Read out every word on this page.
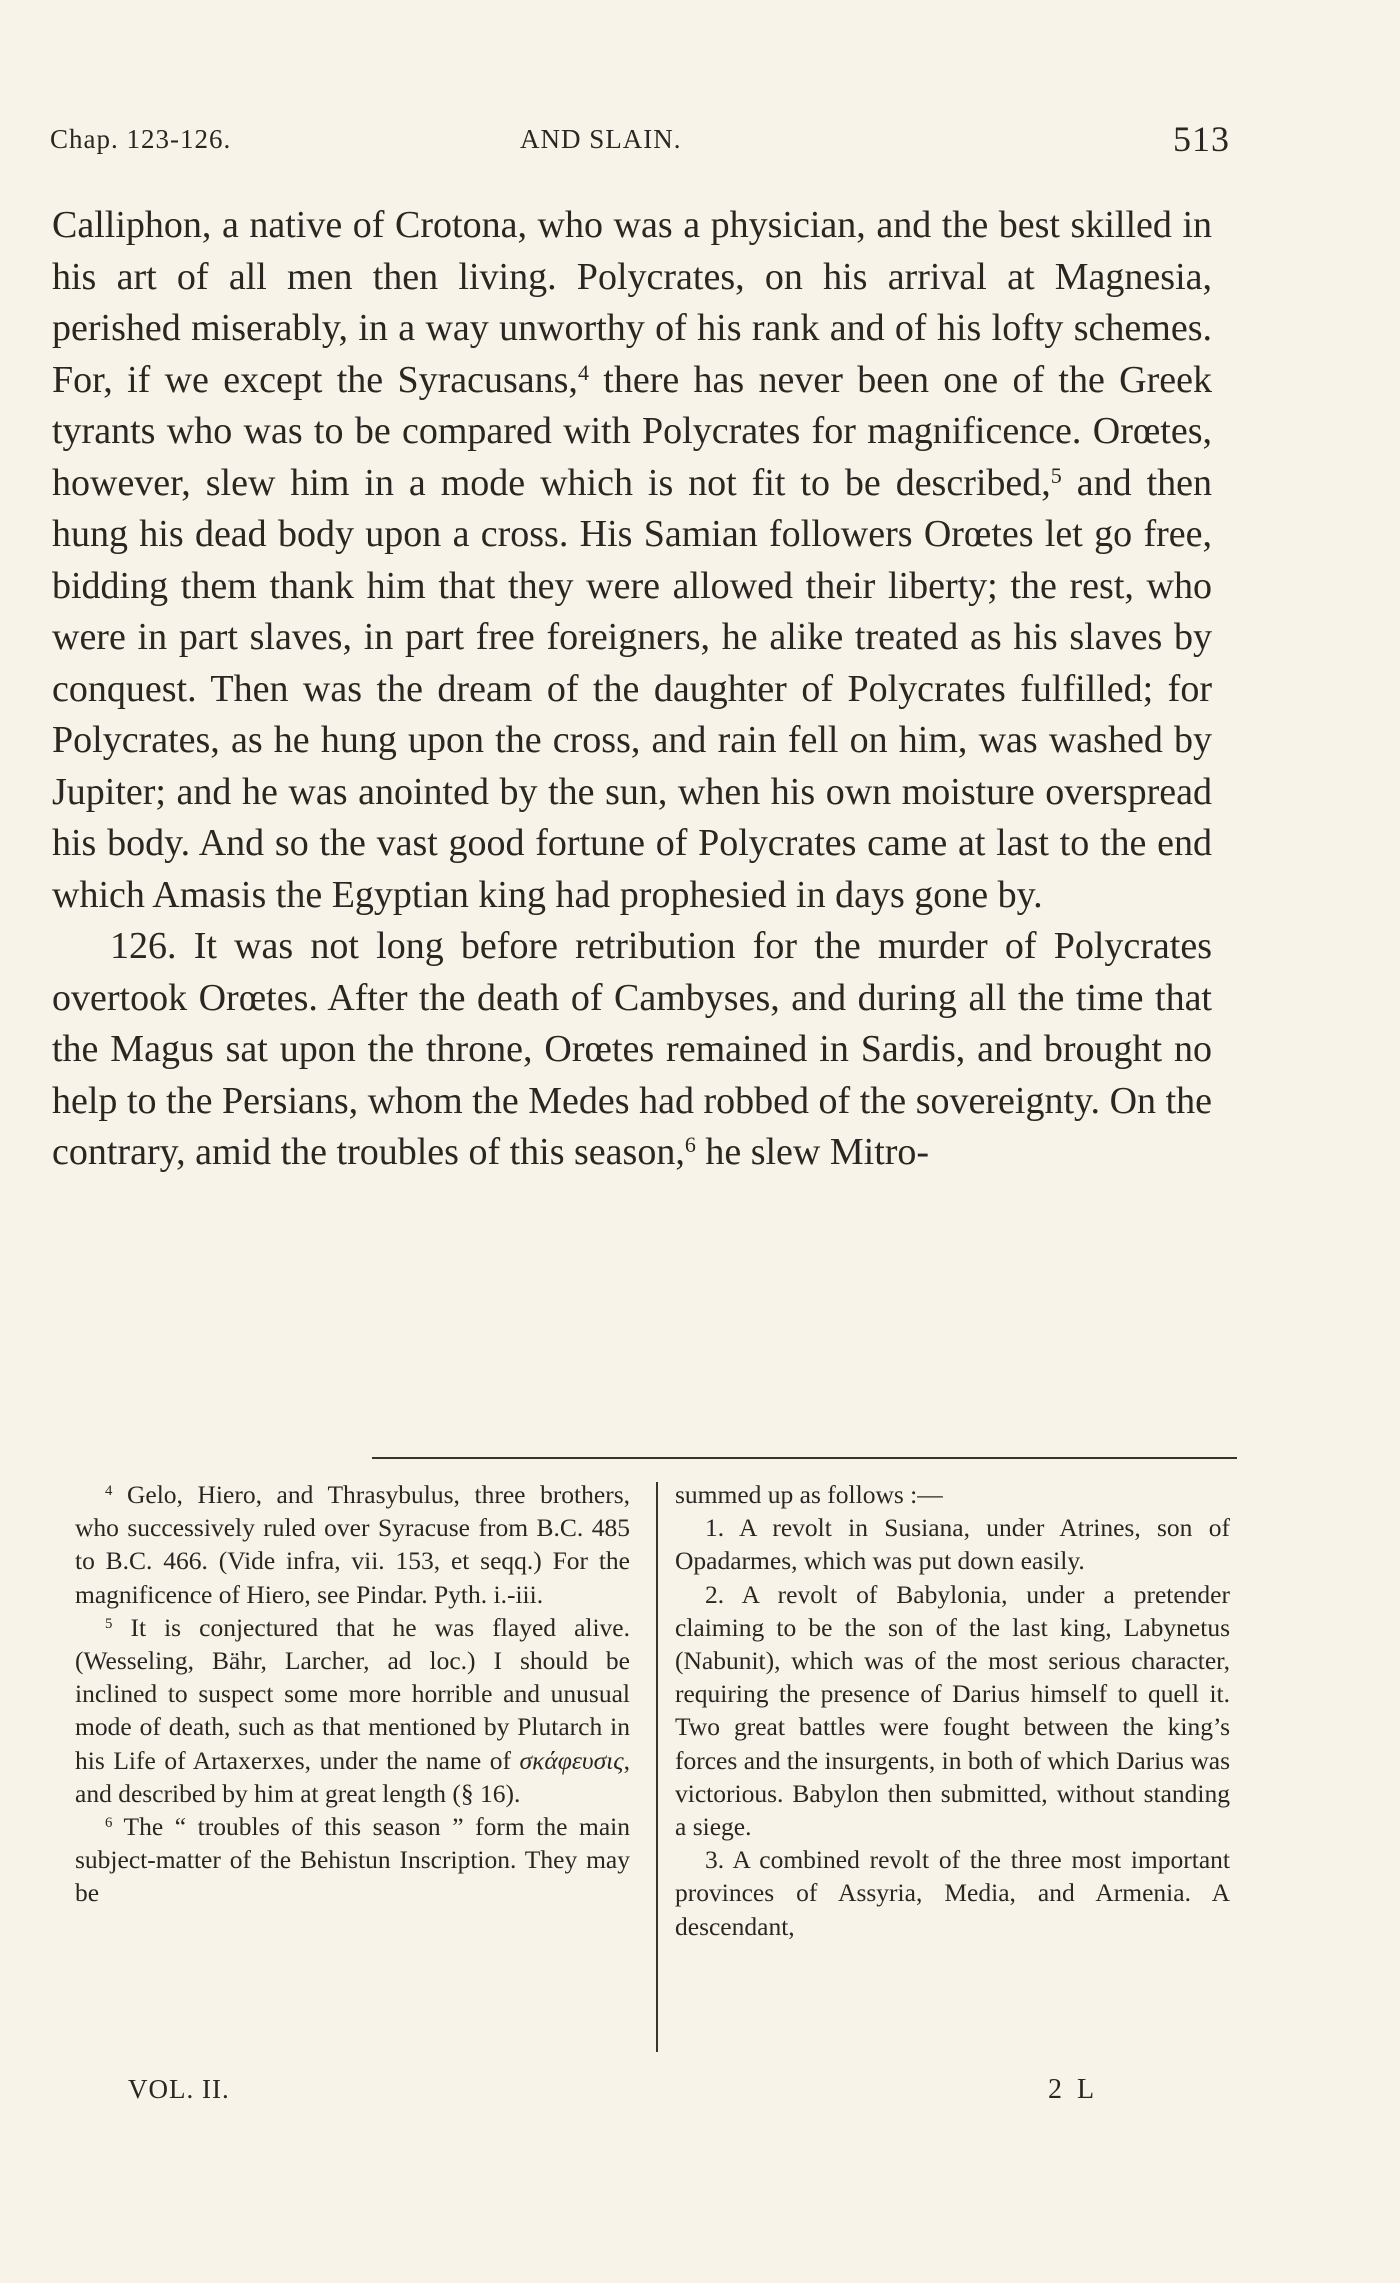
Chap. 123-126.	AND SLAIN.	513

Calliphon, a native of Crotona, who was a physician, and the best skilled in his art of all men then living. Polycrates, on his arrival at Magnesia, perished miserably, in a way unworthy of his rank and of his lofty schemes. For, if we except the Syracusans,$^4$ there has never been one of the Greek tyrants who was to be compared with Polycrates for magnificence. Orœtes, however, slew him in a mode which is not fit to be described,$^5$ and then hung his dead body upon a cross. His Samian followers Orœtes let go free, bidding them thank him that they were allowed their liberty; the rest, who were in part slaves, in part free foreigners, he alike treated as his slaves by conquest. Then was the dream of the daughter of Polycrates fulfilled; for Polycrates, as he hung upon the cross, and rain fell on him, was washed by Jupiter; and he was anointed by the sun, when his own moisture overspread his body. And so the vast good fortune of Polycrates came at last to the end which Amasis the Egyptian king had prophesied in days gone by.

126. It was not long before retribution for the murder of Polycrates overtook Orœtes. After the death of Cambyses, and during all the time that the Magus sat upon the throne, Orœtes remained in Sardis, and brought no help to the Persians, whom the Medes had robbed of the sovereignty. On the contrary, amid the troubles of this season,$^6$ he slew Mitro-

$^4$ Gelo, Hiero, and Thrasybulus, three brothers, who successively ruled over Syracuse from B.C. 485 to B.C. 466. (Vide infra, vii. 153, et seqq.) For the magnificence of Hiero, see Pindar. Pyth. i.-iii.

$^5$ It is conjectured that he was flayed alive. (Wesseling, Bähr, Larcher, ad loc.) I should be inclined to suspect some more horrible and unusual mode of death, such as that mentioned by Plutarch in his Life of Artaxerxes, under the name of σκάφευσις, and described by him at great length (§ 16).

$^6$ The “ troubles of this season ” form the main subject-matter of the Behistun Inscription. They may be

summed up as follows :—

1. A revolt in Susiana, under Atrines, son of Opadarmes, which was put down easily.

2. A revolt of Babylonia, under a pretender claiming to be the son of the last king, Labynetus (Nabunit), which was of the most serious character, requiring the presence of Darius himself to quell it. Two great battles were fought between the king’s forces and the insurgents, in both of which Darius was victorious. Babylon then submitted, without standing a siege.

3. A combined revolt of the three most important provinces of Assyria, Media, and Armenia. A descendant,

VOL. II.	2 L
